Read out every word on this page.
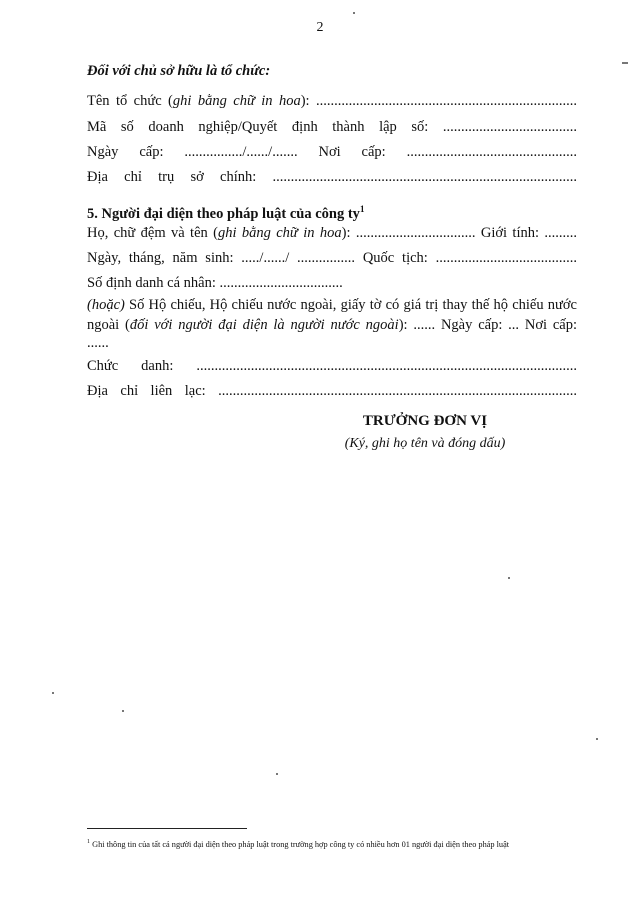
2
Đối với chủ sở hữu là tổ chức:
Tên tổ chức (ghi bằng chữ in hoa): ........................................................................
Mã số doanh nghiệp/Quyết định thành lập số: .....................................
Ngày cấp: ................/....../....... Nơi cấp: ...............................................
Địa chỉ trụ sở chính: ....................................................................................
5. Người đại diện theo pháp luật của công $ty^1$
Họ, chữ đệm và tên (ghi bằng chữ in hoa): ................................. Giới tính: .........
Ngày, tháng, năm sinh: ...../....../ ................ Quốc tịch: .......................................
Số định danh cá nhân: ..................................
(hoặc) Số Hộ chiếu, Hộ chiếu nước ngoài, giấy tờ có giá trị thay thế hộ chiếu nước
ngoài (đối với người đại diện là người nước ngoài): ...... Ngày cấp: ... Nơi cấp:
......
Chức danh: .........................................................................................................
Địa chỉ liên lạc: ...................................................................................................
TRƯỞNG ĐƠN VỊ
(Ký, ghi họ tên và đóng dấu)
$^1$ Ghi thông tin của tất cả người đại diện theo pháp luật trong trường hợp công ty có nhiều hơn 01 người đại diện theo pháp luật
